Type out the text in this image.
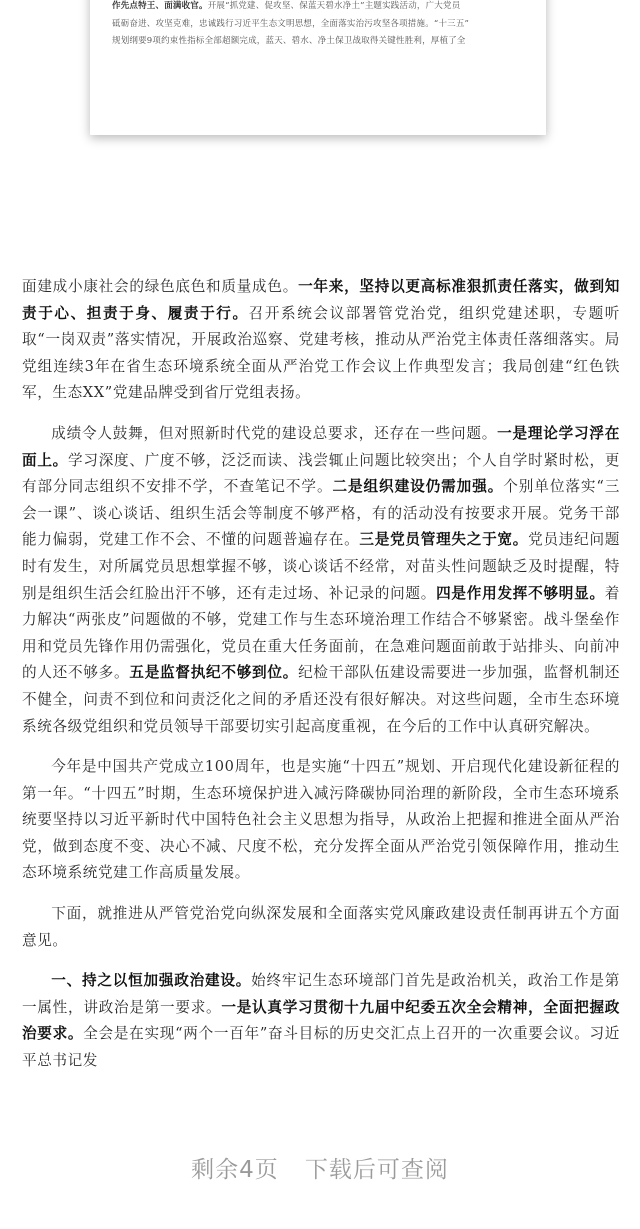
作先点特王、面满收官。开展“抓党建、促攻坚、保蓝天碧水净土”主题实践活动，广大党员

砥砺奋进、攻坚克难，忠诚践行习近平生态文明思想，全面落实治污攻坚各项措施。“十三五”

规划纲要9项约束性指标全部超额完成，蓝天、碧水、净土保卫战取得关键性胜利，厚植了全

面建成小康社会的绿色底色和质量成色。一年来，坚持以更高标准狠抓责任落实，做到知责于心、担责于身、履责于行。召开系统会议部署管党治党，组织党建述职，专题听取“一岗双责”落实情况，开展政治巡察、党建考核，推动从严治党主体责任落细落实。局党组连续3年在省生态环境系统全面从严治党工作会议上作典型发言；我局创建“红色铁军，生态XX”党建品牌受到省厅党组表扬。

成绩令人鼓舞，但对照新时代党的建设总要求，还存在一些问题。一是理论学习浮在面上。学习深度、广度不够，泛泛而读、浅尝辄止问题比较突出；个人自学时紧时松，更有部分同志组织不安排不学，不查笔记不学。二是组织建设仍需加强。个别单位落实“三会一课”、谈心谈话、组织生活会等制度不够严格，有的活动没有按要求开展。党务干部能力偏弱，党建工作不会、不懂的问题普遍存在。三是党员管理失之于宽。党员违纪问题时有发生，对所属党员思想掌握不够，谈心谈话不经常，对苗头性问题缺乏及时提醒，特别是组织生活会红脸出汗不够，还有走过场、补记录的问题。四是作用发挥不够明显。着力解决“两张皮”问题做的不够，党建工作与生态环境治理工作结合不够紧密。战斗堡垒作用和党员先锋作用仍需强化，党员在重大任务面前，在急难问题面前敢于站排头、向前冲的人还不够多。五是监督执纪不够到位。纪检干部队伍建设需要进一步加强，监督机制还不健全，问责不到位和问责泛化之间的矛盾还没有很好解决。对这些问题，全市生态环境系统各级党组织和党员领导干部要切实引起高度重视，在今后的工作中认真研究解决。

今年是中国共产党成立100周年，也是实施“十四五”规划、开启现代化建设新征程的第一年。“十四五”时期，生态环境保护进入减污降碳协同治理的新阶段，全市生态环境系统要坚持以习近平新时代中国特色社会主义思想为指导，从政治上把握和推进全面从严治党，做到态度不变、决心不减、尺度不松，充分发挥全面从严治党引领保障作用，推动生态环境系统党建工作高质量发展。

下面，就推进从严管党治党向纵深发展和全面落实党风廉政建设责任制再讲五个方面意见。

一、持之以恒加强政治建设。始终牢记生态环境部门首先是政治机关，政治工作是第一属性，讲政治是第一要求。一是认真学习贯彻十九届中纪委五次全会精神，全面把握政治要求。全会是在实现“两个一百年”奋斗目标的历史交汇点上召开的一次重要会议。习近平总书记发

剩余4页 下载后可查阅
